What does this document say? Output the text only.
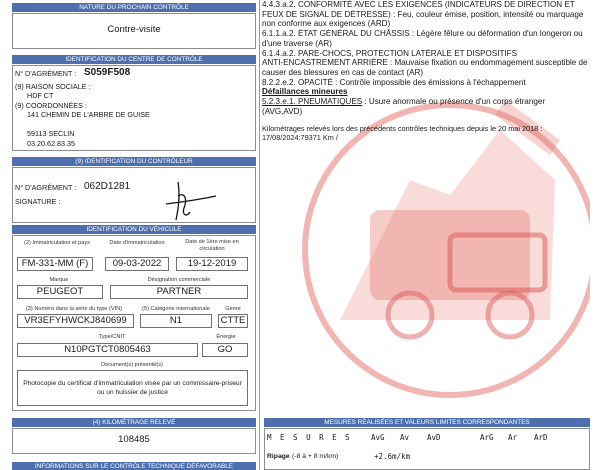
NATURE DU PROCHAIN CONTRÔLE
Contre-visite
IDENTIFICATION DU CENTRE DE CONTRÔLE
N° D'AGRÉMENT : S059F508
(9) RAISON SOCIALE :
HDF CT
(9) COORDONNÉES :
141 CHEMIN DE L'ARBRE DE GUISE
59113 SECLIN
03.20.62.83.35
(9) IDENTIFICATION DU CONTRÔLEUR
N° D'AGRÉMENT : 062D1281
SIGNATURE :
IDENTIFICATION DU VÉHICULE
(2) Immatriculation et pays	Date d'immatriculation	Date de 1ère mise en circulation
FM-331-MM (F)	09-03-2022	19-12-2019
Marque	Désignation commerciale
PEUGEOT	PARTNER
(3) Numéro dans la série du type (VIN)	(5) Catégorie internationale	Genre
VR3EFYHWCKJ840699	N1	CTTE
Type/CNIT	Énergie
N10PGTCT0805463	GO
Document(s) présenté(s)
Photocopie du certificat d'immatriculation visée par un commissaire-priseur
ou un huissier de justice
(4) KILOMÉTRAGE RELEVÉ
108485
INFORMATIONS SUR LE CONTRÔLE TECHNIQUE DÉFAVORABLE
4.4.3.a.2. CONFORMITÉ AVEC LES EXIGENCES (INDICATEURS DE DIRECTION ET
FEUX DE SIGNAL DE DÉTRESSE) : Feu, couleur émise, position, intensité ou marquage
non conforme aux exigences (ARD)
6.1.1.a.2. ÉTAT GÉNÉRAL DU CHÂSSIS : Légère fêlure ou déformation d'un longeron ou
d'une traverse (AR)
6.1.4.a.2. PARE-CHOCS, PROTECTION LATÉRALE ET DISPOSITIFS
ANTI-ENCASTREMENT ARRIÈRE : Mauvaise fixation ou endommagement susceptible de
causer des blessures en cas de contact (AR)
8.2.2.e.2. OPACITÉ : Contrôle impossible des émissions à l'échappement
Défaillances mineures
5.2.3.e.1. PNEUMATIQUES : Usure anormale ou présence d'un corps étranger
(AVG,AVD)
Kilométrages relevés lors des précédents contrôles techniques depuis le 20 mai 2018 :
17/08/2024:79371 Km /
MESURES RÉALISÉES ET VALEURS LIMITES CORRESPONDANTES
M E S U R E S	AvG Av AvD	ArG Ar ArD
Ripage (-8 à + 8 m/km)	+2.6m/km
